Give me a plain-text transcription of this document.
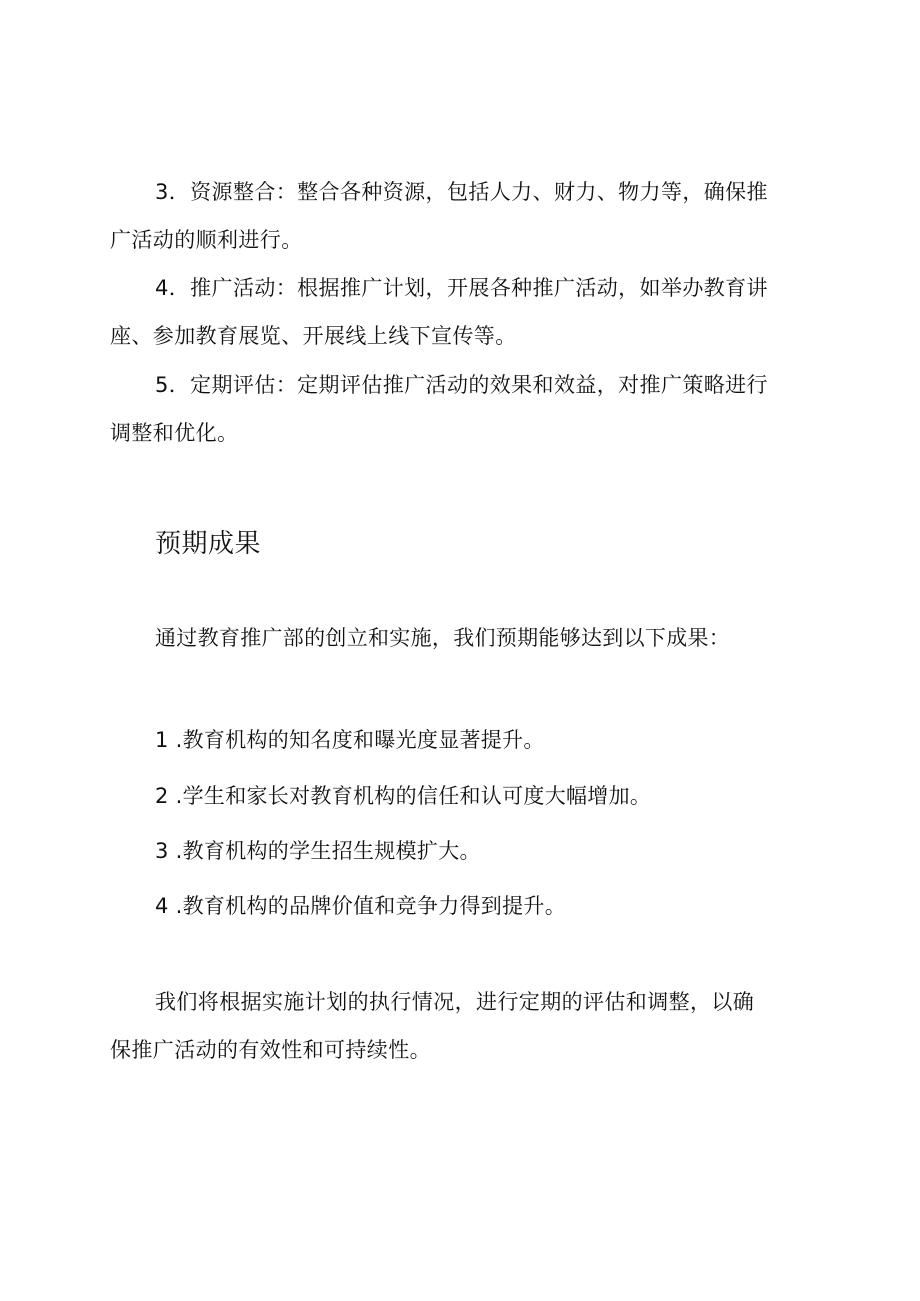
3．资源整合：整合各种资源，包括人力、财力、物力等，确保推
广活动的顺利进行。
4．推广活动：根据推广计划，开展各种推广活动，如举办教育讲
座、参加教育展览、开展线上线下宣传等。
5．定期评估：定期评估推广活动的效果和效益，对推广策略进行
调整和优化。
预期成果

通过教育推广部的创立和实施，我们预期能够达到以下成果：

1 .教育机构的知名度和曝光度显著提升。

2 .学生和家长对教育机构的信任和认可度大幅增加。

3 .教育机构的学生招生规模扩大。

4 .教育机构的品牌价值和竞争力得到提升。

我们将根据实施计划的执行情况，进行定期的评估和调整，以确
保推广活动的有效性和可持续性。
